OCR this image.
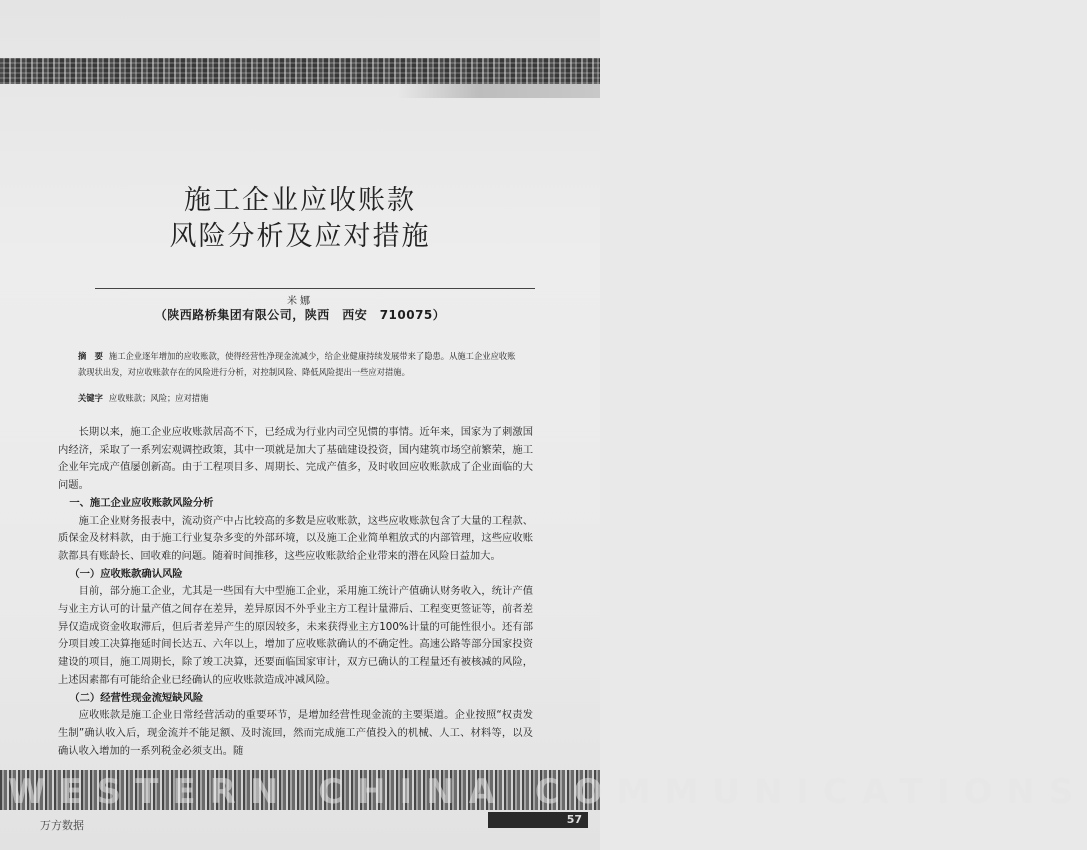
施工企业应收账款
风险分析及应对措施
米娜
（陕西路桥集团有限公司，陕西　西安　710075）
摘　要 施工企业逐年增加的应收账款，使得经营性净现金流减少，给企业健康持续发展带来了隐患。从施工企业应收账款现状出发，对应收账款存在的风险进行分析，对控制风险、降低风险提出一些应对措施。
关键字 应收账款；风险；应对措施

长期以来，施工企业应收账款居高不下，已经成为行业内司空见惯的事情。近年来，国家为了刺激国内经济，采取了一系列宏观调控政策，其中一项就是加大了基础建设投资，国内建筑市场空前繁荣，施工企业年完成产值屡创新高。由于工程项目多、周期长、完成产值多，及时收回应收账款成了企业面临的大问题。

一、施工企业应收账款风险分析

施工企业财务报表中，流动资产中占比较高的多数是应收账款，这些应收账款包含了大量的工程款、质保金及材料款，由于施工行业复杂多变的外部环境，以及施工企业简单粗放式的内部管理，这些应收账款都具有账龄长、回收难的问题。随着时间推移，这些应收账款给企业带来的潜在风险日益加大。

（一）应收账款确认风险

目前，部分施工企业，尤其是一些国有大中型施工企业，采用施工统计产值确认财务收入，统计产值与业主方认可的计量产值之间存在差异，差异原因不外乎业主方工程计量滞后、工程变更签证等，前者差异仅造成资金收取滞后，但后者差异产生的原因较多，未来获得业主方100%计量的可能性很小。还有部分项目竣工决算拖延时间长达五、六年以上，增加了应收账款确认的不确定性。高速公路等部分国家投资建设的项目，施工周期长，除了竣工决算，还要面临国家审计，双方已确认的工程量还有被核减的风险，上述因素都有可能给企业已经确认的应收账款造成冲减风险。

（二）经营性现金流短缺风险

应收账款是施工企业日常经营活动的重要环节，是增加经营性现金流的主要渠道。企业按照“权责发生制”确认收入后，现金流并不能足额、及时流回，然而完成施工产值投入的机械、人工、材料等，以及确认收入增加的一系列税金必须支出。随

WESTERN CHINA COMMUNICATIONS
万方数据	57
